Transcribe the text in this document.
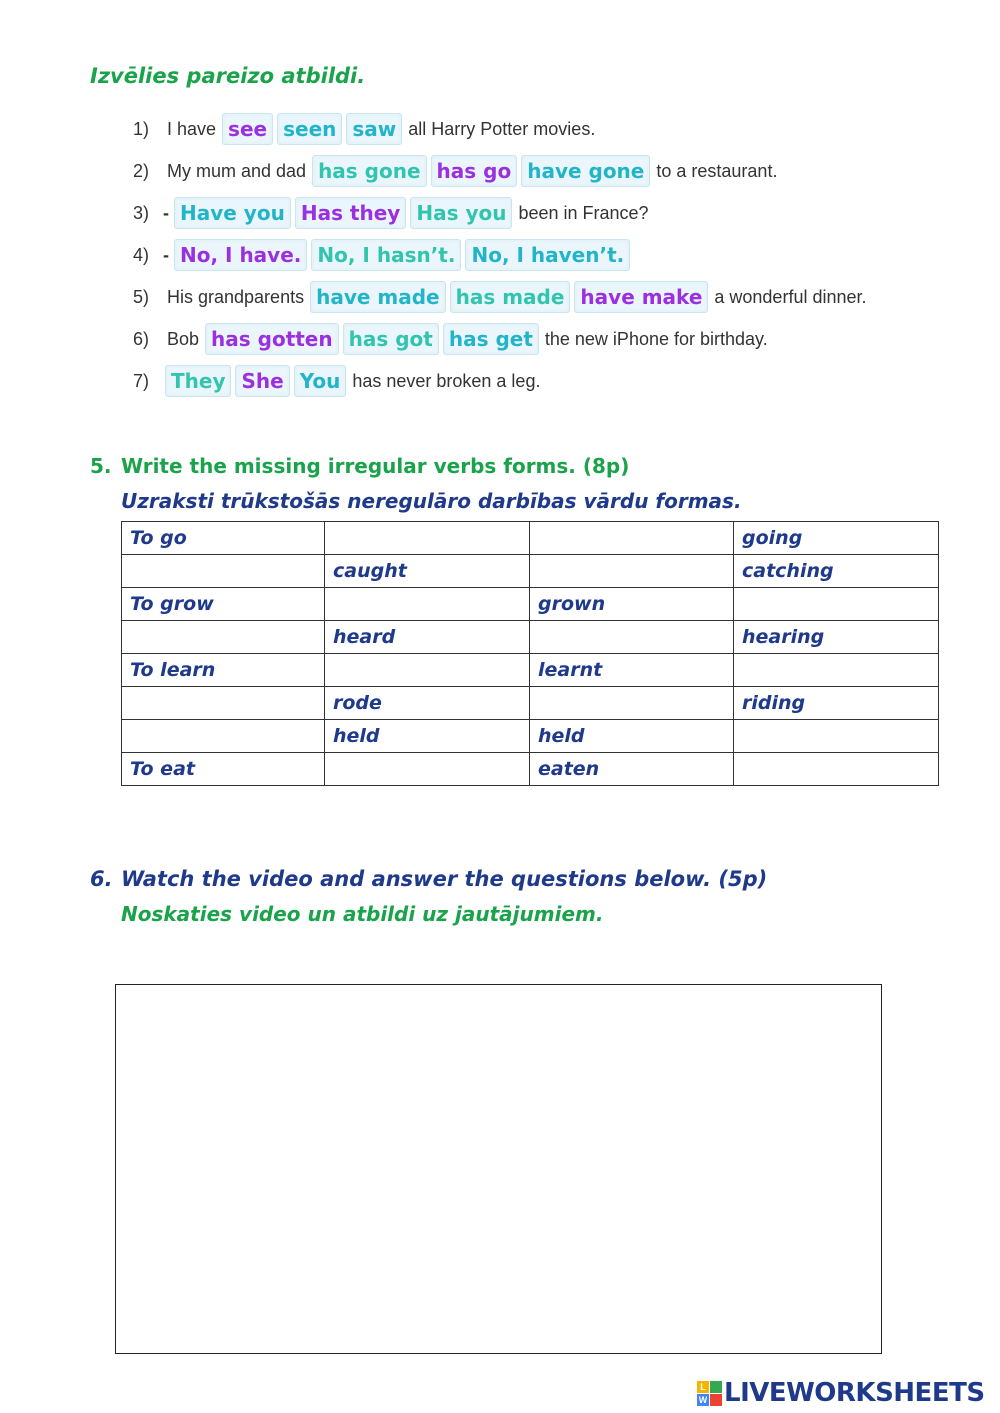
Izvēlies pareizo atbildi.
1) I have see seen saw all Harry Potter movies.
2) My mum and dad has gone has go have gone to a restaurant.
3) - Have you Has they Has you been in France?
4) - No, I have. No, I hasn’t. No, I haven’t.
5) His grandparents have made has made have make a wonderful dinner.
6) Bob has gotten has got has get the new iPhone for birthday.
7)	They She You has never broken a leg.
5. Write the missing irregular verbs forms. (8p)
Uzraksti trūkstošās neregulāro darbības vārdu formas.
To go			going
	caught		catching
To grow		grown	
	heard		hearing
To learn		learnt	
	rode		riding
	held	held	
To eat		eaten	
6. Watch the video and answer the questions below. (5p)
Noskaties video un atbildi uz jautājumiem.
L
W LIVEWORKSHEETS
